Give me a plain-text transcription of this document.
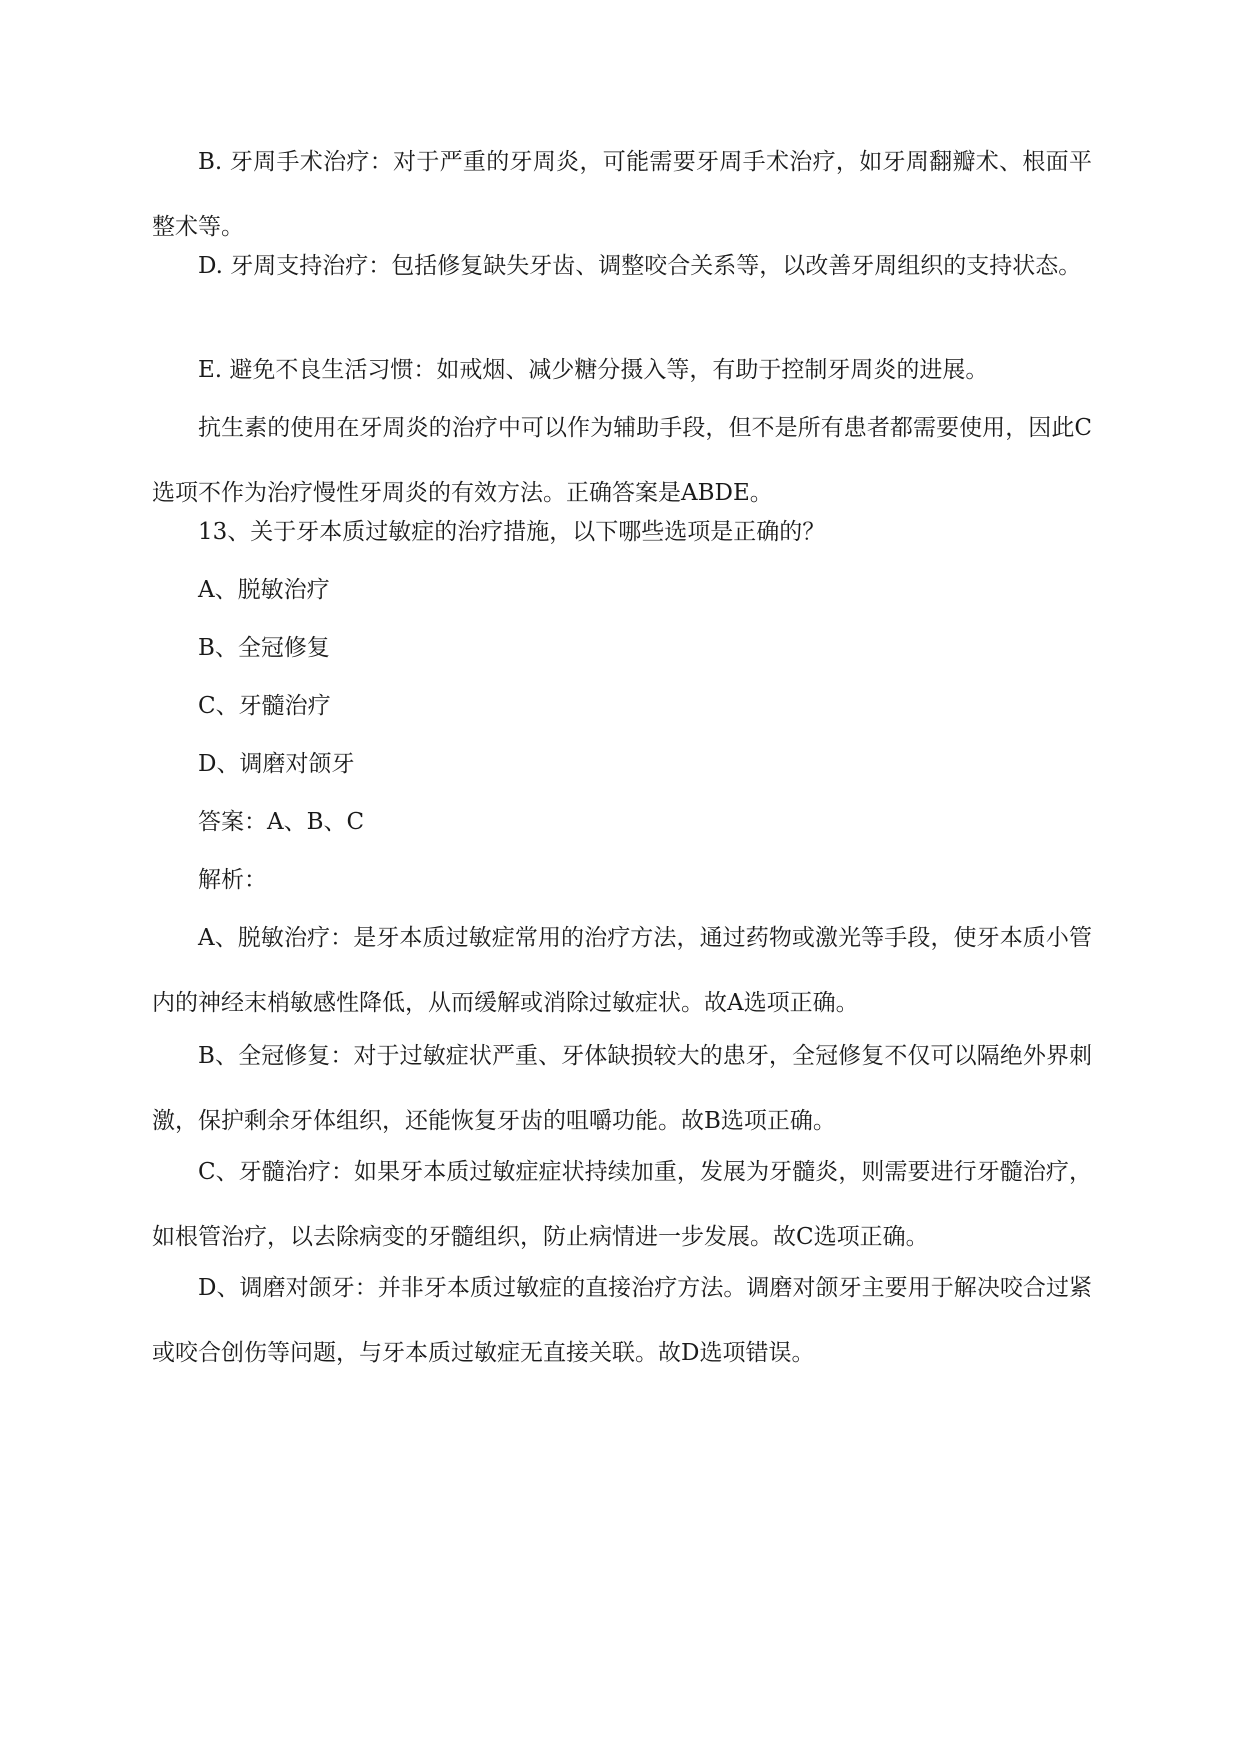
B. 牙周手术治疗：对于严重的牙周炎，可能需要牙周手术治疗，如牙周翻瓣术、根面平整术等。

D. 牙周支持治疗：包括修复缺失牙齿、调整咬合关系等，以改善牙周组织的支持状态。

E. 避免不良生活习惯：如戒烟、减少糖分摄入等，有助于控制牙周炎的进展。

抗生素的使用在牙周炎的治疗中可以作为辅助手段，但不是所有患者都需要使用，因此C选项不作为治疗慢性牙周炎的有效方法。正确答案是ABDE。

13、关于牙本质过敏症的治疗措施，以下哪些选项是正确的？

A、脱敏治疗

B、全冠修复

C、牙髓治疗

D、调磨对颌牙

答案：A、B、C

解析：

A、脱敏治疗：是牙本质过敏症常用的治疗方法，通过药物或激光等手段，使牙本质小管内的神经末梢敏感性降低，从而缓解或消除过敏症状。故A选项正确。

B、全冠修复：对于过敏症状严重、牙体缺损较大的患牙，全冠修复不仅可以隔绝外界刺激，保护剩余牙体组织，还能恢复牙齿的咀嚼功能。故B选项正确。

C、牙髓治疗：如果牙本质过敏症症状持续加重，发展为牙髓炎，则需要进行牙髓治疗，如根管治疗，以去除病变的牙髓组织，防止病情进一步发展。故C选项正确。

D、调磨对颌牙：并非牙本质过敏症的直接治疗方法。调磨对颌牙主要用于解决咬合过紧或咬合创伤等问题，与牙本质过敏症无直接关联。故D选项错误。
